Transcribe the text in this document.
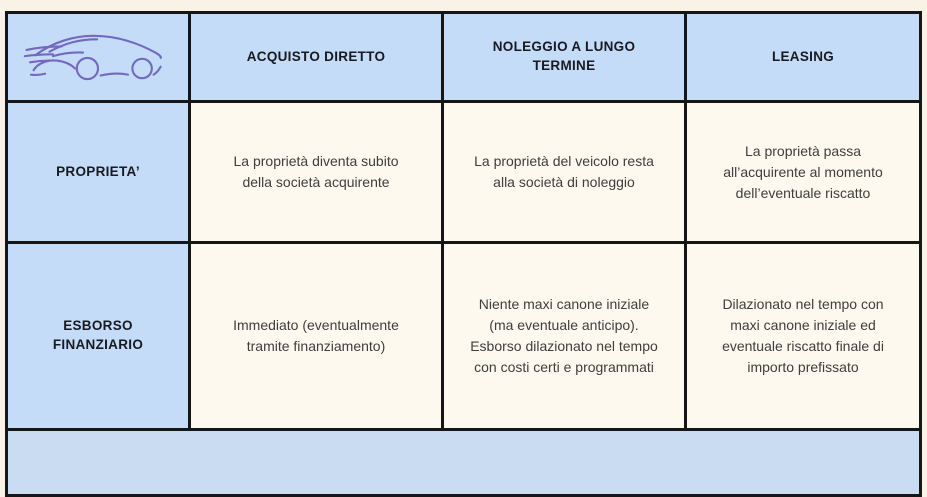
ACQUISTO DIRETTO
NOLEGGIO A LUNGO TERMINE
LEASING
PROPRIETA’
La proprietà diventa subito della società acquirente
La proprietà del veicolo resta alla società di noleggio
La proprietà passa all’acquirente al momento dell’eventuale riscatto
ESBORSO FINANZIARIO
Immediato (eventualmente tramite finanziamento)
Niente maxi canone iniziale (ma eventuale anticipo). Esborso dilazionato nel tempo con costi certi e programmati
Dilazionato nel tempo con maxi canone iniziale ed eventuale riscatto finale di importo prefissato
